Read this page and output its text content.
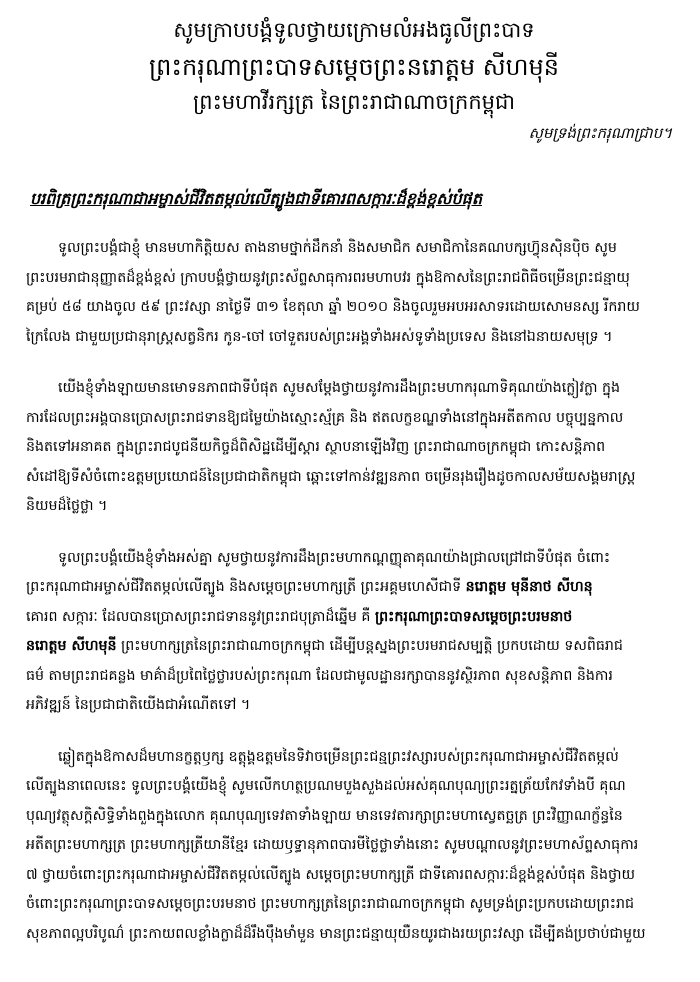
សូមក្រាបបង្គំទូលថ្វាយក្រោមលំអងធូលីព្រះបាទ
ព្រះករុណាព្រះបាទសម្តេចព្រះនរោត្តម សីហមុនី
ព្រះមហាវីរក្សត្រ នៃព្រះរាជាណាចក្រកម្ពុជា
សូមទ្រង់ព្រះករុណាជ្រាប។
បរពិត្រព្រះករុណាជាអម្ចាស់ជីវិតតម្កល់លើត្បូងជាទីគោរពសក្ការៈដ៏ខ្ពង់ខ្ពស់បំផុត
ទូលព្រះបង្គំជាខ្ញុំ មានមហាកិត្តិយស តាងនាមថ្នាក់ដឹកនាំ និងសមាជិក សមាជិកានៃគណបក្សហ៊្វុនស៊ិនប៉ិច សូម
ព្រះបរមរាជានុញ្ញាតដ៏ខ្ពង់ខ្ពស់ ក្រាបបង្គំថ្វាយនូវព្រះស័ព្ទសាធុការពរមហាបវរ ក្នុងឱកាសនៃព្រះរាជពិធីចម្រើនព្រះជន្មាយុ
គម្រប់ ៥៨ យាងចូល ៥៩ ព្រះវស្សា នាថ្ងៃទី ៣១ ខែតុលា ឆ្នាំ ២០១០ និងចូលរួមអបអរសាទរដោយសោមនស្ស រីករាយ
ក្រៃលែង ជាមួយប្រជានុរាស្ត្រសត្វនិករ កូន-ចៅ ចៅទួតរបស់ព្រះអង្គទាំងអស់ទូទាំងប្រទេស និងនៅឯនាយសមុទ្រ ។
យើងខ្ញុំទាំងឡាយមានមោទនភាពជាទីបំផុត សូមសម្តែងថ្វាយនូវការដឹងព្រះមហាករុណាទិគុណយ៉ាងក្លៀវក្លា ក្នុង
ការដែលព្រះអង្គបានប្រោសព្រះរាជទានឱ្យជម្លៃយ៉ាងស្មោះស្ម័គ្រ និង ឥតលក្ខខណ្ឌទាំងនៅក្នុងអតីតកាល បច្ចុប្បន្នកាល
និងតទៅអនាគត ក្នុងព្រះរាជបូជនីយកិច្ចដ៏ពិសិដ្ឋដើម្បីស្តារ ស្ថាបនាឡើងវិញ ព្រះរាជាណាចក្រកម្ពុជា កោះសន្តិភាព
សំដៅឱ្យទីសំចំពោះឧត្តមប្រយោជន៍នៃប្រជាជាតិកម្ពុជា ឆ្ពោះទៅកាន់វឌ្ឍនភាព ចម្រើនរុងរឿងដូចកាលសម័យសង្គមរាស្ត្រ
និយមដ៏ថ្លៃថ្លា ។
ទូលព្រះបង្គំយើងខ្ញុំទាំងអស់គ្នា សូមថ្វាយនូវការដឹងព្រះមហាកណ្តញ្ញុតាគុណយ៉ាងជ្រាលជ្រៅជាទីបំផុត ចំពោះ
ព្រះករុណាជាអម្ចាស់ជីវិតតម្កល់លើត្បូង និងសម្តេចព្រះមហាក្សត្រី ព្រះអគ្គមហេសីជាទី នរោត្តម មុនីនាថ សីហនុ
គោរព សក្ការៈ ដែលបានប្រោសព្រះរាជទាននូវព្រះរាជបុត្រាដ៏ឆ្នើម គឺ ព្រះករុណាព្រះបាទសម្តេចព្រះបរមនាថ
នរោត្តម សីហមុនី ព្រះមហាក្សត្រនៃព្រះរាជាណាចក្រកម្ពុជា ដើម្បីបន្តស្នងព្រះបរមរាជសម្បត្តិ ប្រកបដោយ ទសពិធរាជ
ធម៌ តាមព្រះរាជគន្លង មាគ៌ាដ៏ប្រពៃថ្លៃថ្លារបស់ព្រះករុណា ដែលជាមូលដ្ឋានរក្សាបាននូវស្ថិរភាព សុខសន្តិភាព និងការ
អភិវឌ្ឍន៍ នៃប្រជាជាតិយើងជាអំណើតទៅ ។
ឆ្លៀតក្នុងឱកាសដ៏មហានក្ខត្តឫក្ស ឧត្តុង្គឧត្តមនៃទិវាចម្រើនព្រះជន្មព្រះវស្សារបស់ព្រះករុណាជាអម្ចាស់ជីវិតតម្កល់
លើត្បូងនាពេលនេះ ទូលព្រះបង្គំយើងខ្ញុំ សូមលើកហត្ថប្រណមបួងសួងដល់អស់គុណបុណ្យព្រះរត្នត្រ័យកែវទាំងបី គុណ
បុណ្យវត្ថុសក្តិសិទ្ធិទាំងពួងក្នុងលោក គុណបុណ្យទេវតាទាំងឡាយ មានទេវតារក្សាព្រះមហាស្វេតច្ឆត្រ ព្រះវិញ្ញាណក្ខ័ន្ធនៃ
អតីតព្រះមហាក្សត្រ ព្រះមហាក្សត្រីយានីខ្មែរ ដោយឫទ្ធានុភាពបារមីថ្លៃថ្លាទាំងនោះ សូមបណ្តាលនូវព្រះមហាស័ព្ទសាធុការ
៧ ថ្វាយចំពោះព្រះករុណាជាអម្ចាស់ជីវិតតម្កល់លើត្បូង សម្តេចព្រះមហាក្សត្រី ជាទីគោរពសក្ការៈដ៏ខ្ពង់ខ្ពស់បំផុត និងថ្វាយ
ចំពោះព្រះករុណាព្រះបាទសម្តេចព្រះបរមនាថ ព្រះមហាក្សត្រនៃព្រះរាជាណាចក្រកម្ពុជា សូមទ្រង់ព្រះប្រកបដោយព្រះរាជ
សុខភាពល្អបរិបូណ៌ ព្រះកាយពលខ្លាំងក្លាដ៏ដ៏រឹងប៉ឹងមាំមួន មានព្រះជន្មាយុយឺនយូរជាងរយព្រះវស្សា ដើម្បីគង់ប្រថាប់ជាមួយ
